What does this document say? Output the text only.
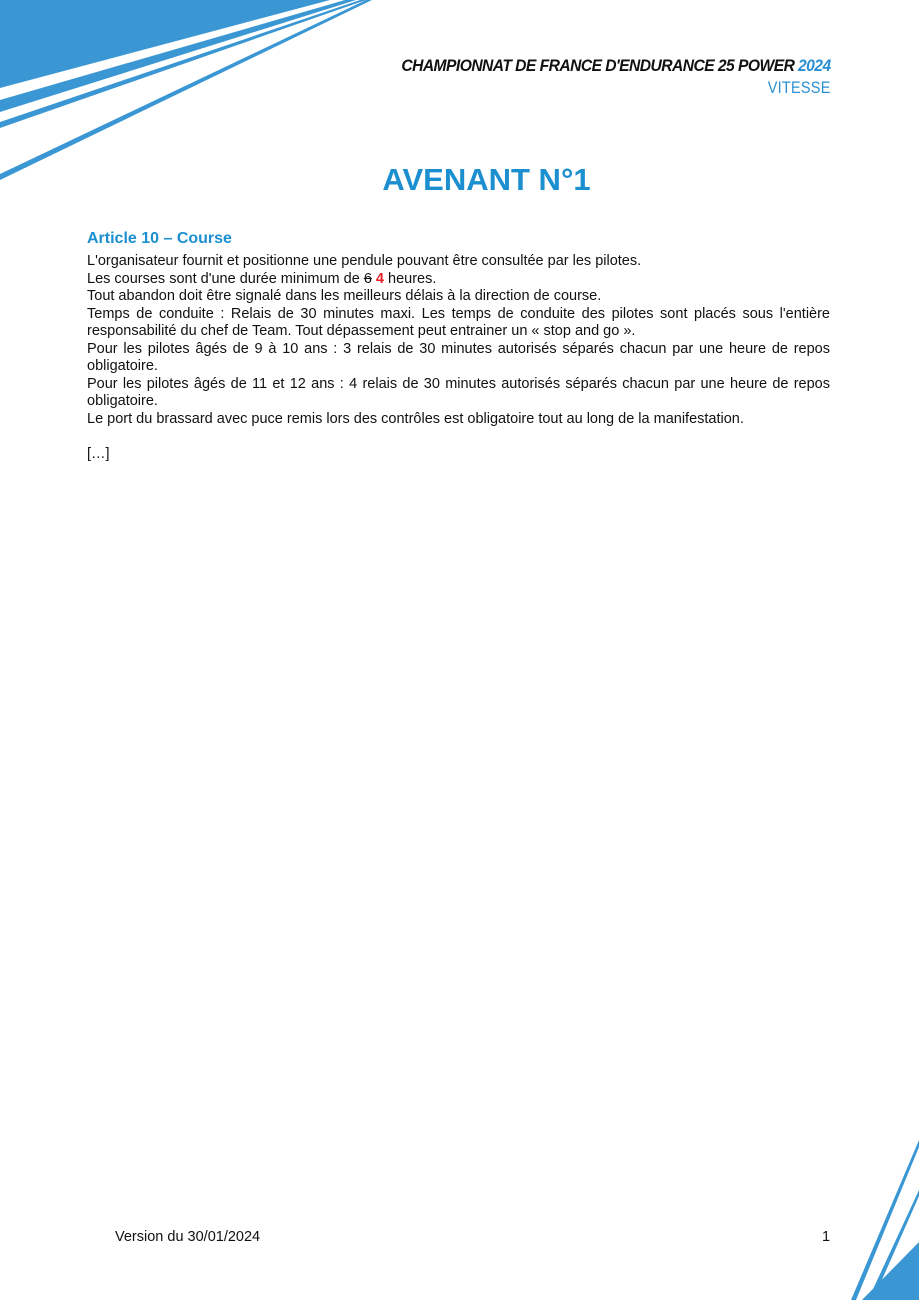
CHAMPIONNAT DE FRANCE D'ENDURANCE 25 POWER 2024
VITESSE
AVENANT N°1
Article 10 – Course

L'organisateur fournit et positionne une pendule pouvant être consultée par les pilotes.

Les courses sont d'une durée minimum de 6 4 heures.

Tout abandon doit être signalé dans les meilleurs délais à la direction de course.

Temps de conduite : Relais de 30 minutes maxi. Les temps de conduite des pilotes sont placés sous l'entière responsabilité du chef de Team. Tout dépassement peut entrainer un « stop and go ».

Pour les pilotes âgés de 9 à 10 ans : 3 relais de 30 minutes autorisés séparés chacun par une heure de repos obligatoire.

Pour les pilotes âgés de 11 et 12 ans : 4 relais de 30 minutes autorisés séparés chacun par une heure de repos obligatoire.

Le port du brassard avec puce remis lors des contrôles est obligatoire tout au long de la manifestation.

[…]
Version du 30/01/2024	1
